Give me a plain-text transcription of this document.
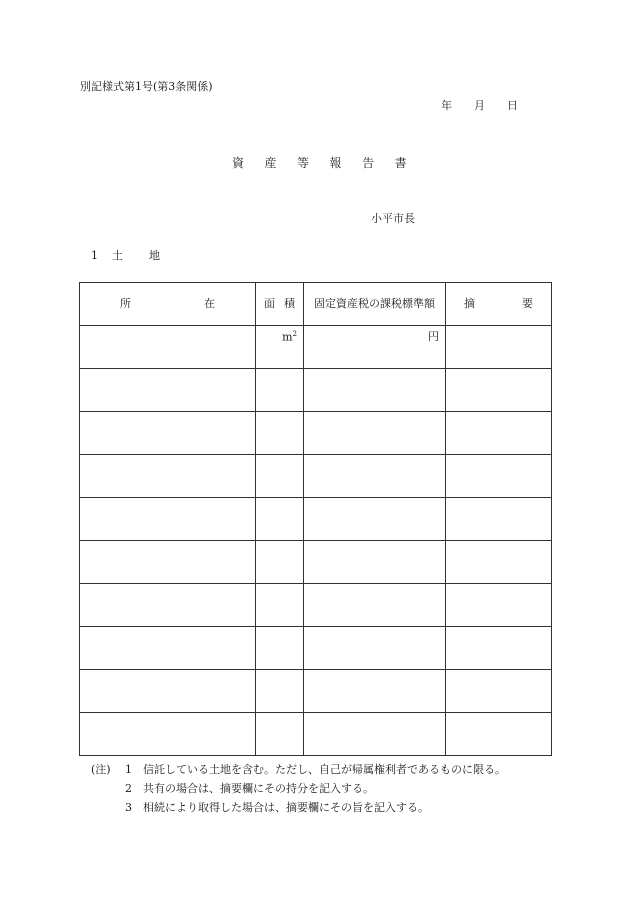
別記様式第1号(第3条関係)
年 月 日
資 産 等 報 告 書
小平市長
1 土 地
所 在	面 積	固定資産税の課税標準額	摘 要

	$m^2$	円	

(注)	1	信託している土地を含む。ただし、自己が帰属権利者であるものに限る。
2	共有の場合は、摘要欄にその持分を記入する。
3	相続により取得した場合は、摘要欄にその旨を記入する。
